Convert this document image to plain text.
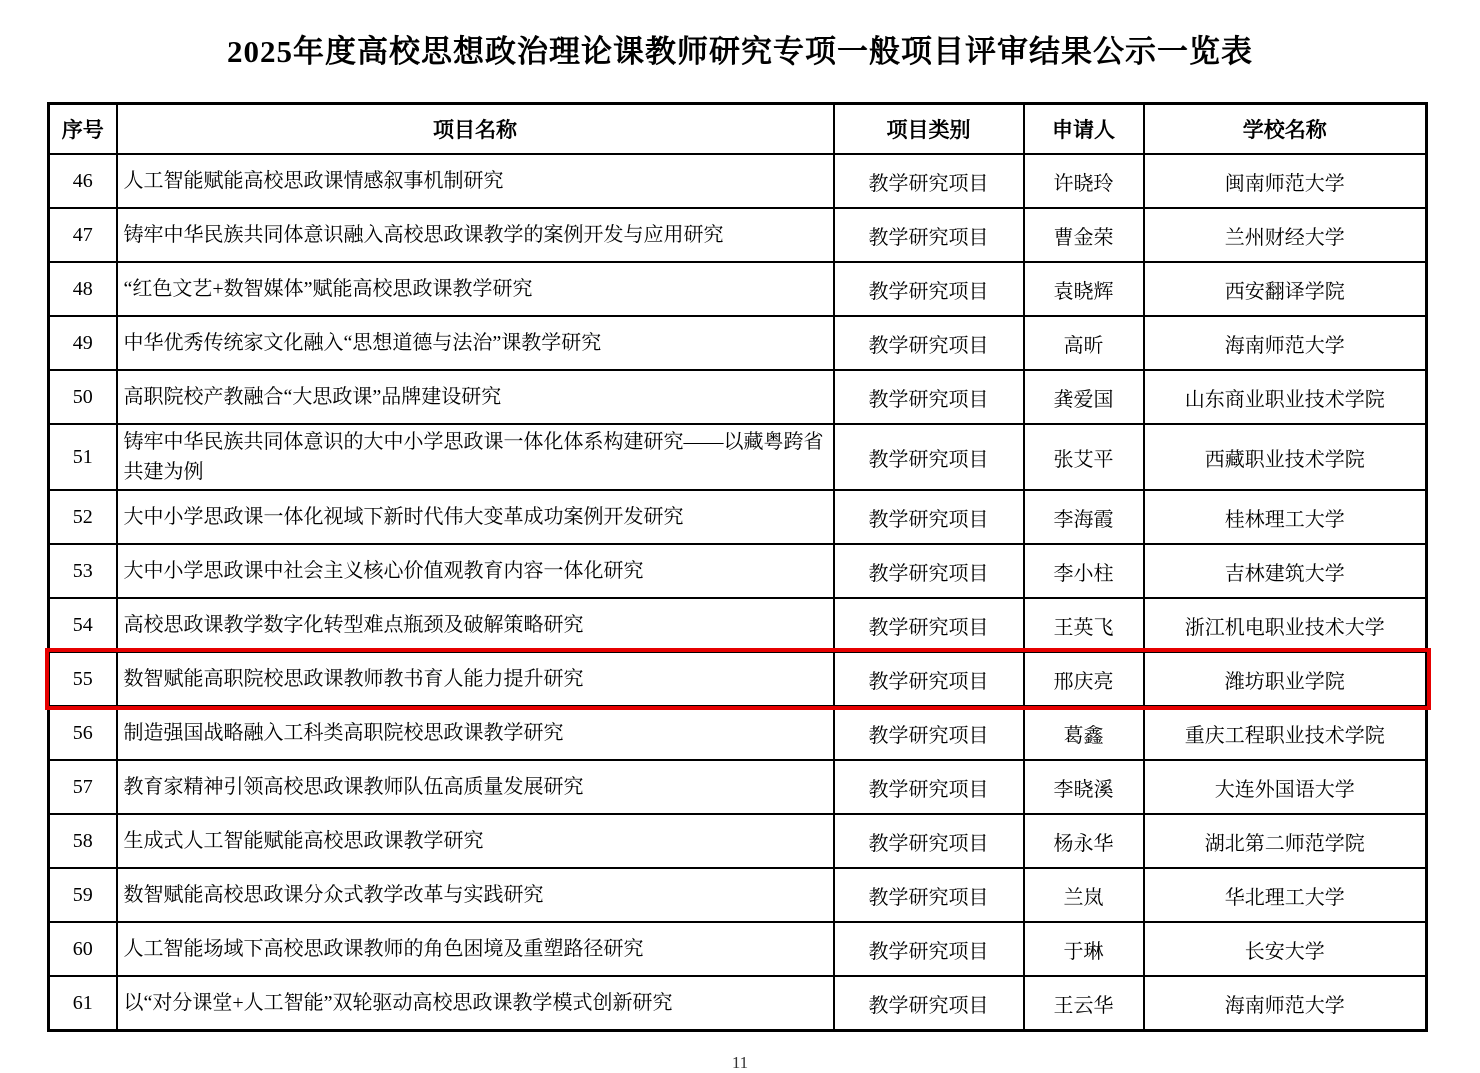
2025年度高校思想政治理论课教师研究专项一般项目评审结果公示一览表
序号	项目名称	项目类别	申请人	学校名称
46	人工智能赋能高校思政课情感叙事机制研究	教学研究项目	许晓玲	闽南师范大学
47	铸牢中华民族共同体意识融入高校思政课教学的案例开发与应用研究	教学研究项目	曹金荣	兰州财经大学
48	“红色文艺+数智媒体”赋能高校思政课教学研究	教学研究项目	袁晓辉	西安翻译学院
49	中华优秀传统家文化融入“思想道德与法治”课教学研究	教学研究项目	高昕	海南师范大学
50	高职院校产教融合“大思政课”品牌建设研究	教学研究项目	龚爱国	山东商业职业技术学院
51	铸牢中华民族共同体意识的大中小学思政课一体化体系构建研究——以藏粤跨省共建为例	教学研究项目	张艾平	西藏职业技术学院
52	大中小学思政课一体化视域下新时代伟大变革成功案例开发研究	教学研究项目	李海霞	桂林理工大学
53	大中小学思政课中社会主义核心价值观教育内容一体化研究	教学研究项目	李小柱	吉林建筑大学
54	高校思政课教学数字化转型难点瓶颈及破解策略研究	教学研究项目	王英飞	浙江机电职业技术大学
55	数智赋能高职院校思政课教师教书育人能力提升研究	教学研究项目	邢庆亮	潍坊职业学院
56	制造强国战略融入工科类高职院校思政课教学研究	教学研究项目	葛鑫	重庆工程职业技术学院
57	教育家精神引领高校思政课教师队伍高质量发展研究	教学研究项目	李晓溪	大连外国语大学
58	生成式人工智能赋能高校思政课教学研究	教学研究项目	杨永华	湖北第二师范学院
59	数智赋能高校思政课分众式教学改革与实践研究	教学研究项目	兰岚	华北理工大学
60	人工智能场域下高校思政课教师的角色困境及重塑路径研究	教学研究项目	于琳	长安大学
61	以“对分课堂+人工智能”双轮驱动高校思政课教学模式创新研究	教学研究项目	王云华	海南师范大学
11
